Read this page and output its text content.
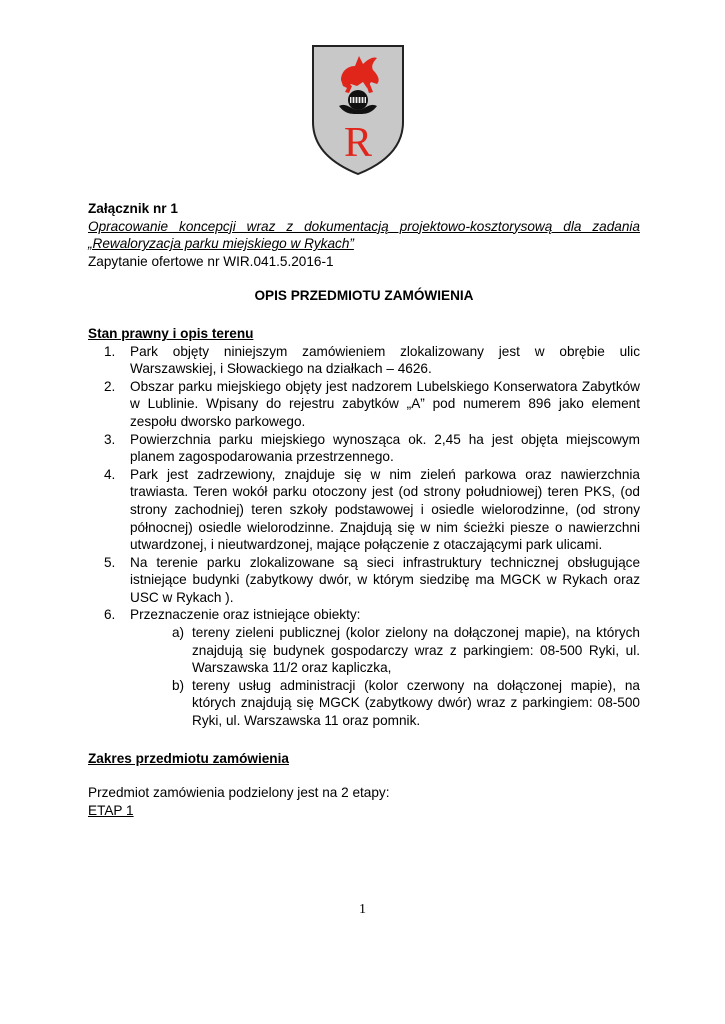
R

Załącznik nr 1

Opracowanie koncepcji wraz z dokumentacją projektowo-kosztorysową dla zadania

„Rewaloryzacja parku miejskiego w Rykach”

Zapytanie ofertowe nr WIR.041.5.2016-1

OPIS PRZEDMIOTU ZAMÓWIENIA

Stan prawny i opis terenu

1. Park objęty niniejszym zamówieniem zlokalizowany jest w obrębie ulic Warszawskiej, i Słowackiego na działkach – 4626.
2. Obszar parku miejskiego objęty jest nadzorem Lubelskiego Konserwatora Zabytków w Lublinie. Wpisany do rejestru zabytków „A” pod numerem 896 jako element zespołu dworsko parkowego.
3. Powierzchnia parku miejskiego wynosząca ok. 2,45 ha jest objęta miejscowym planem zagospodarowania przestrzennego.
4. Park jest zadrzewiony, znajduje się w nim zieleń parkowa oraz nawierzchnia trawiasta. Teren wokół parku otoczony jest (od strony południowej) teren PKS, (od strony zachodniej) teren szkoły podstawowej i osiedle wielorodzinne, (od strony północnej) osiedle wielorodzinne. Znajdują się w nim ścieżki piesze o nawierzchni utwardzonej, i nieutwardzonej, mające połączenie z otaczającymi park ulicami.
5. Na terenie parku zlokalizowane są sieci infrastruktury technicznej obsługujące istniejące budynki (zabytkowy dwór, w którym siedzibę ma MGCK w Rykach oraz USC w Rykach ).
6. Przeznaczenie oraz istniejące obiekty:
a) tereny zieleni publicznej (kolor zielony na dołączonej mapie), na których znajdują się budynek gospodarczy wraz z parkingiem: 08-500 Ryki, ul. Warszawska 11/2 oraz kapliczka,
b) tereny usług administracji (kolor czerwony na dołączonej mapie), na których znajdują się MGCK (zabytkowy dwór) wraz z parkingiem: 08-500 Ryki, ul. Warszawska 11 oraz pomnik.

Zakres przedmiotu zamówienia

Przedmiot zamówienia podzielony jest na 2 etapy:

ETAP 1

1
